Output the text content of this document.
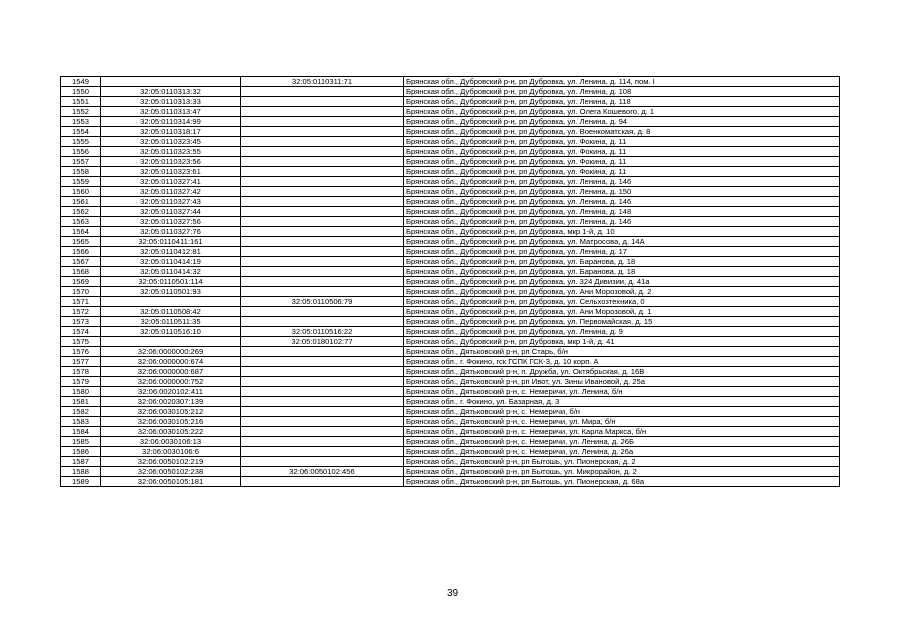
1549		32:05:0110311:71	Брянская обл., Дубровский р-н, рп Дубровка, ул. Ленина, д. 114, пом. I
1550	32:05:0110313:32		Брянская обл., Дубровский р-н, рп Дубровка, ул. Ленина, д. 108
1551	32:05:0110313:33		Брянская обл., Дубровский р-н, рп Дубровка, ул. Ленина, д. 118
1552	32:05:0110313:47		Брянская обл., Дубровский р-н, рп Дубровка, ул. Олега Кошевого, д. 1
1553	32:05:0110314:99		Брянская обл., Дубровский р-н, рп Дубровка, ул. Ленина, д. 94
1554	32:05:0110318:17		Брянская обл., Дубровский р-н, рп Дубровка, ул. Военкоматская, д. 8
1555	32:05:0110323:45		Брянская обл., Дубровский р-н, рп Дубровка, ул. Фокина, д. 11
1556	32:05:0110323:55		Брянская обл., Дубровский р-н, рп Дубровка, ул. Фокина, д. 11
1557	32:05:0110323:56		Брянская обл., Дубровский р-н, рп Дубровка, ул. Фокина, д. 11
1558	32:05:0110323:61		Брянская обл., Дубровский р-н, рп Дубровка, ул. Фокина, д. 11
1559	32:05:0110327:41		Брянская обл., Дубровский р-н, рп Дубровка, ул. Ленина, д. 146
1560	32:05:0110327:42		Брянская обл., Дубровский р-н, рп Дубровка, ул. Ленина, д. 150
1561	32:05:0110327:43		Брянская обл., Дубровский р-н, рп Дубровка, ул. Ленина, д. 146
1562	32:05:0110327:44		Брянская обл., Дубровский р-н, рп Дубровка, ул. Ленина, д. 148
1563	32:05:0110327:56		Брянская обл., Дубровский р-н, рп Дубровка, ул. Ленина, д. 146
1564	32:05:0110327:76		Брянская обл., Дубровский р-н, рп Дубровка, мкр 1-й, д. 10
1565	32:05:0110411:161		Брянская обл., Дубровский р-н, рп Дубровка, ул. Матросова, д. 14А
1566	32:05:0110412:81		Брянская обл., Дубровский р-н, рп Дубровка, ул. Ленина, д. 17
1567	32:05:0110414:19		Брянская обл., Дубровский р-н, рп Дубровка, ул. Баранова, д. 18
1568	32:05:0110414:32		Брянская обл., Дубровский р-н, рп Дубровка, ул. Баранова, д. 18
1569	32:05:0110501:114		Брянская обл., Дубровский р-н, рп Дубровка, ул. 324 Дивизии, д. 41а
1570	32:05:0110501:93		Брянская обл., Дубровский р-н, рп Дубровка, ул. Ани Морозовой, д. 2
1571		32:05:0110506:79	Брянская обл., Дубровский р-н, рп Дубровка, ул. Сельхозтехника, 0
1572	32:05:0110508:42		Брянская обл., Дубровский р-н, рп Дубровка, ул. Ани Морозовой, д. 1
1573	32:05:0110511:35		Брянская обл., Дубровский р-н, рп Дубровка, ул. Первомайская, д. 15
1574	32:05:0110516:10	32:05:0110516:22	Брянская обл., Дубровский р-н, рп Дубровка, ул. Ленина, д. 9
1575		32:05:0180102:77	Брянская обл., Дубровский р-н, рп Дубровка, мкр 1-й, д. 41
1576	32:06:0000000:269		Брянская обл., Дятьковский р-н, рп Старь, б/н
1577	32:06:0000000:674		Брянская обл., г. Фокино, гск ГСПК ГСК-3, д. 10 корп. А
1578	32:06:0000000:687		Брянская обл., Дятьковский р-н, п. Дружба, ул. Октябрьская, д. 16В
1579	32:06:0000000:752		Брянская обл., Дятьковский р-н, рп Ивот, ул. Зины Ивановой, д. 25а
1580	32:06:0020102:411		Брянская обл., Дятьковский р-н, с. Немеричи, ул. Ленина, б/н
1581	32:06:0020307:139		Брянская обл., г. Фокино, ул. Базарная, д. 3
1582	32:06:0030105:212		Брянская обл., Дятьковский р-н, с. Немеричи, б/н
1583	32:06:0030105:216		Брянская обл., Дятьковский р-н, с. Немеричи, ул. Мира, б/н
1584	32:06:0030105:222		Брянская обл., Дятьковский р-н, с. Немеричи, ул. Карла Маркса, б/н
1585	32:06:0030106:13		Брянская обл., Дятьковский р-н, с. Немеричи, ул. Ленина, д. 26Б
1586	32:06:0030106:6		Брянская обл., Дятьковский р-н, с. Немеричи, ул. Ленина, д. 26а
1587	32:06:0050102:219		Брянская обл., Дятьковский р-н, рп Бытошь, ул. Пионерская, д. 2
1588	32:06:0050102:238	32:06:0050102:456	Брянская обл., Дятьковский р-н, рп Бытошь, ул. Микрорайон, д. 2
1589	32:06:0050105:181		Брянская обл., Дятьковский р-н, рп Бытошь, ул. Пионерская, д. 68а
39
